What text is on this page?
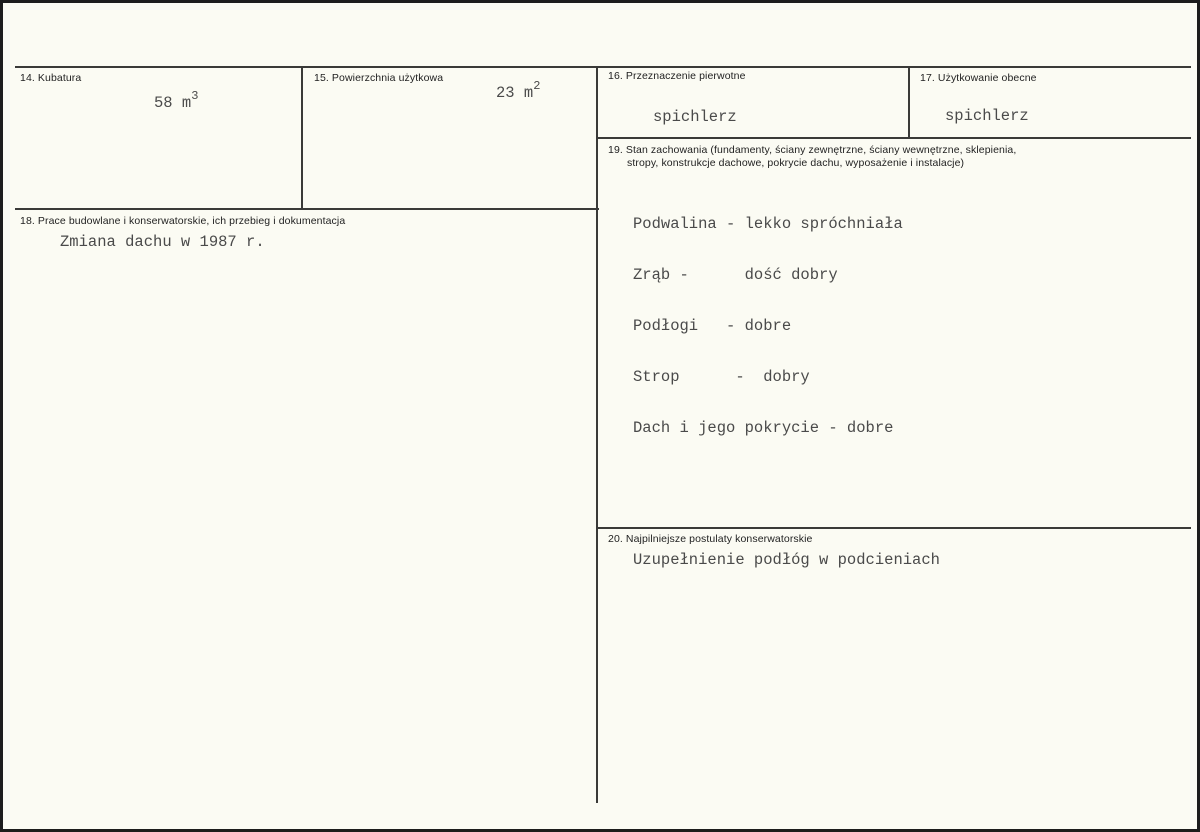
14. Kubatura
58 $m^3$
15. Powierzchnia użytkowa
23 $m^2$
16. Przeznaczenie pierwotne
spichlerz
17. Użytkowanie obecne
spichlerz
19. Stan zachowania (fundamenty, ściany zewnętrzne, ściany wewnętrzne, sklepienia,
stropy, konstrukcje dachowe, pokrycie dachu, wyposażenie i instalacje)

Podwalina - lekko spróchniała

Zrąb -      dość dobry

Podłogi   - dobre

Strop      -  dobry

Dach i jego pokrycie - dobre

18. Prace budowlane i konserwatorskie, ich przebieg i dokumentacja
Zmiana dachu w 1987 r.
20. Najpilniejsze postulaty konserwatorskie
Uzupełnienie podłóg w podcieniach
